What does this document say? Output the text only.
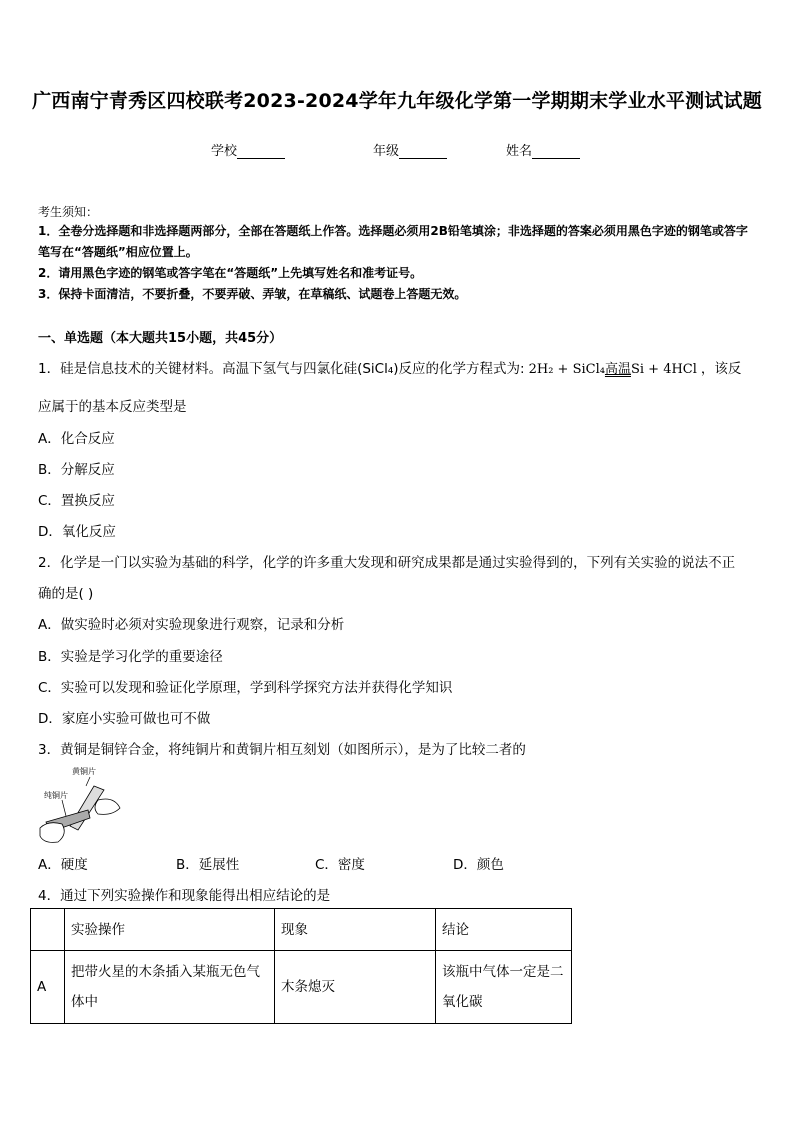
广西南宁青秀区四校联考2023-2024学年九年级化学第一学期期末学业水平测试试题
学校	年级	姓名
考生须知：
1．全卷分选择题和非选择题两部分，全部在答题纸上作答。选择题必须用2B铅笔填涂；非选择题的答案必须用黑色字迹的钢笔或答字笔写在“答题纸”相应位置上。
2．请用黑色字迹的钢笔或答字笔在“答题纸”上先填写姓名和准考证号。
3．保持卡面清洁，不要折叠，不要弄破、弄皱，在草稿纸、试题卷上答题无效。
一、单选题（本大题共15小题，共45分）
1．硅是信息技术的关键材料。高温下氢气与四氯化硅(SiCl₄)反应的化学方程式为: 2H₂ + SiCl₄高温Si + 4HCl ，该反
应属于的基本反应类型是
A．化合反应
B．分解反应
C．置换反应
D．氧化反应
2．化学是一门以实验为基础的科学，化学的许多重大发现和研究成果都是通过实验得到的，下列有关实验的说法不正
确的是( )
A．做实验时必须对实验现象进行观察，记录和分析
B．实验是学习化学的重要途径
C．实验可以发现和验证化学原理，学到科学探究方法并获得化学知识
D．家庭小实验可做也可不做
3．黄铜是铜锌合金，将纯铜片和黄铜片相互刻划（如图所示），是为了比较二者的
黄铜片
纯铜片
A．硬度	B．延展性	C．密度	D．颜色
4．通过下列实验操作和现象能得出相应结论的是
	实验操作	现象	结论
A	把带火星的木条插入某瓶无色气体中	木条熄灭	该瓶中气体一定是二氧化碳
